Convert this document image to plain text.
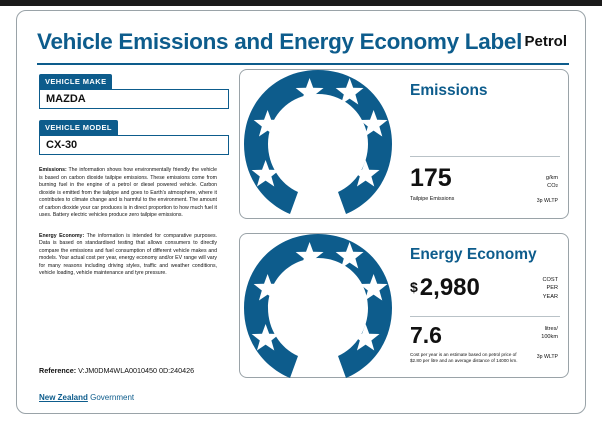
Vehicle Emissions and Energy Economy Label Petrol
VEHICLE MAKE
MAZDA
VEHICLE MODEL
CX-30
Emissions: The information shows how environmentally friendly the vehicle is based on carbon dioxide tailpipe emissions. These emissions come from burning fuel in the engine of a petrol or diesel powered vehicle. Carbon dioxide is emitted from the tailpipe and goes to Earth's atmosphere, where it contributes to climate change and is harmful to the environment. The amount of carbon dioxide your car produces is in direct proportion to how much fuel it uses. Battery electric vehicles produce zero tailpipe emissions.
Energy Economy: The information is intended for comparative purposes. Data is based on standardised testing that allows consumers to directly compare the emissions and fuel consumption of different vehicle makes and models. Your actual cost per year, energy economy and/or EV range will vary for many reasons including driving styles, traffic and weather conditions, vehicle loading, vehicle maintenance and tyre pressure.
Reference: V:JM0DM4WLA0010450 0D:240426
New Zealand Government
2.5
CO2 EMISSIONS
STAR RATING
Emissions
175
Tailpipe Emissions
g/km
CO2
3p WLTP
2.5
ENERGY ECONOMY
STAR RATING
Energy Economy
$2,980	COST
PER
YEAR
7.6	litres/
100km
Cost per year is an estimate based on petrol price of $2.80 per litre and an average distance of 14000 km.
3p WLTP
